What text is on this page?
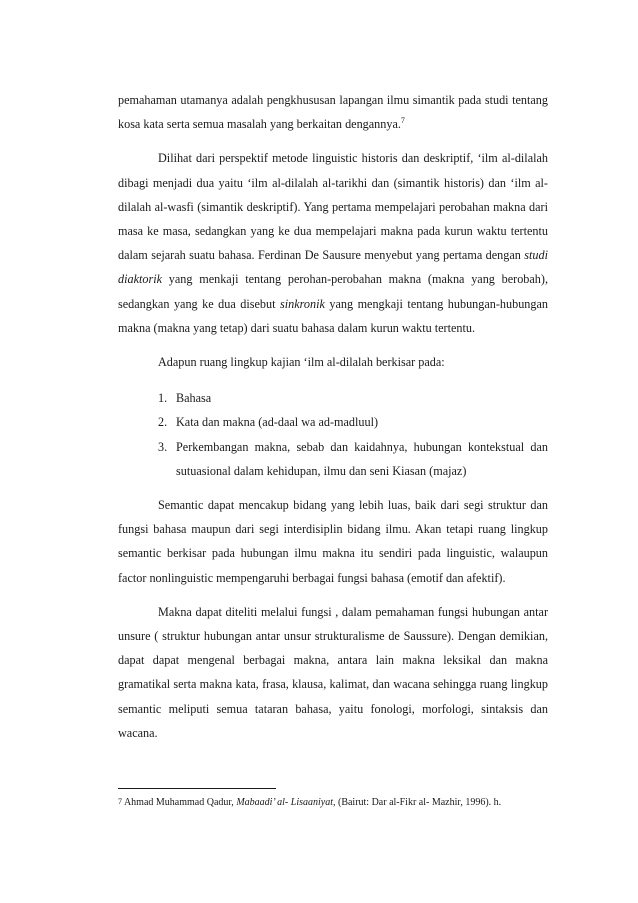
pemahaman utamanya adalah pengkhususan lapangan ilmu simantik pada studi tentang kosa kata serta semua masalah yang berkaitan dengannya.$^7$

Dilihat dari perspektif metode linguistic historis dan deskriptif, ‘ilm al-dilalah dibagi menjadi dua yaitu ‘ilm al-dilalah al-tarikhi dan (simantik historis) dan ‘ilm al-dilalah al-wasfi (simantik deskriptif). Yang pertama mempelajari perobahan makna dari masa ke masa, sedangkan yang ke dua mempelajari makna pada kurun waktu tertentu dalam sejarah suatu bahasa. Ferdinan De Sausure menyebut yang pertama dengan studi diaktorik yang menkaji tentang perohan-perobahan makna (makna yang berobah), sedangkan yang ke dua disebut sinkronik yang mengkaji tentang hubungan-hubungan makna (makna yang tetap) dari suatu bahasa dalam kurun waktu tertentu.

Adapun ruang lingkup kajian ‘ilm al-dilalah berkisar pada:

1. Bahasa
2. Kata dan makna (ad-daal wa ad-madluul)
3. Perkembangan makna, sebab dan kaidahnya, hubungan kontekstual dan sutuasional dalam kehidupan, ilmu dan seni Kiasan (majaz)

Semantic dapat mencakup bidang yang lebih luas, baik dari segi struktur dan fungsi bahasa maupun dari segi interdisiplin bidang ilmu. Akan tetapi ruang lingkup semantic berkisar pada hubungan ilmu makna itu sendiri pada linguistic, walaupun factor nonlinguistic mempengaruhi berbagai fungsi bahasa (emotif dan afektif).

Makna dapat diteliti melalui fungsi , dalam pemahaman fungsi hubungan antar unsure ( struktur hubungan antar unsur strukturalisme de Saussure). Dengan demikian, dapat dapat mengenal berbagai makna, antara lain makna leksikal dan makna gramatikal serta makna kata, frasa, klausa, kalimat, dan wacana sehingga ruang lingkup semantic meliputi semua tataran bahasa, yaitu fonologi, morfologi, sintaksis dan wacana.

$^7$ Ahmad Muhammad Qadur, Mabaadi’ al- Lisaaniyat, (Bairut: Dar al-Fikr al- Mazhir, 1996). h.
